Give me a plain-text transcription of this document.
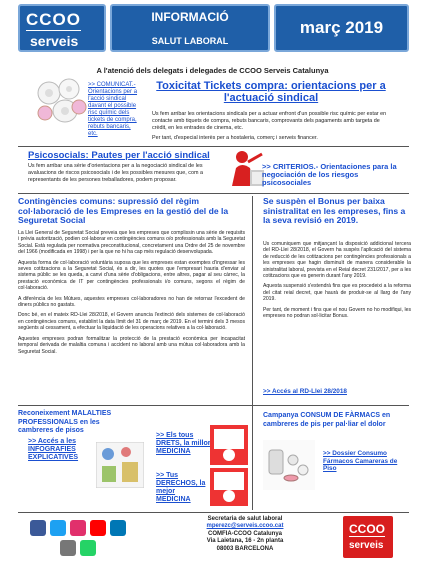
CCOO
serveis
INFORMACIÓ
SALUT LABORAL
març 2019
A l'atenció dels delegats i delegades de CCOO Serveis Catalunya
>> COMUNICAT.- Orientacions per a l'acció sindical davant el possible risc químic dels tickets de compra, rebuts bancaris, etc.
Toxicitat Tickets compra: orientacions per a l'actuació sindical

Us fem arribar les orientacions sindicals per a actuar enfront d'un possible risc químic per estar en contacte amb tiquets de compra, rebuts bancaris, comprovants dels pagaments amb targeta de crèdit, en les entrades de cinema, etc.

Per tant, d'especial interès per a hostaleria, comerç i serveis financer.

Psicosocials: Pautes per l'acció sindical
Us fem arribar una sèrie d'orientacions per a la negociació sindical de les avaluacions de riscos psicosocials i de les possibles mesures que, com a representants de les persones treballadores, podem proposar.
>> CRITERIOS.- Orientaciones para la negociación de los riesgos psicosociales
Contingències comuns: supressió del règim col·laboració de les Empreses en la gestió del de la Seguretat Social

La Llei General de Seguretat Social preveia que les empreses que complissin una sèrie de requisits i prèvia autorització, podien col·laborar en contingències comuns o/o professionals amb la Seguretat Social. Està regulada per normativa preconstitucional, concretament una Ordre del 25 de novembre del 1966 (modificada en 1998) i per la que no hi ha cap més regulació desenvolupada.

Aquesta forma de col·laboració voluntària suposa que les empreses estan exemptes d'ingressar les seves cotitzacions a la Seguretat Social, és a dir, les quotes que l'empresari hauria d'enviar al sistema públic se les queda, a canvi d'una sèrie d'obligacions, entre altres, pagar al seu càrrec, la prestació econòmica de IT per contingències professionals i/o comuns, segons el règim de col·laboració.

A diferència de les Mútues, aquestes empreses col·laboradores no han de retornar l'excedent de diners públics no gastats.

Donc bé, en el mateix RD-Llei 28/2018, el Govern anuncia l'extinció dels sistemes de col·laboració en contingències comuns, establint la data límit del 31 de març de 2019. En el termini dels 3 mesos següents al cessament, a efectuar la liquidació de les operacions relatives a la col·laboració.

Aquestes empreses podran formalitzar la protecció de la prestació econòmica per incapacitat temporal derivada de malaltia comuna i accident no laboral amb una mútua col·laboradora amb la Seguretat Social.

Se suspèn el Bonus per baixa sinistralitat en les empreses, fins a la seva revisió en 2019.

Us comuniquem que mitjançant la disposició addicional tercera del RD-Llei 28/2018, el Govern ha suspès l'aplicació del sistema de reducció de les cotitzacions per contingències professionals a les empreses que hagin disminuït de manera considerable la sinistralitat laboral, prevista en el Reial decret 231/2017, per a les cotitzacions que es generin durant l'any 2019.

Aquesta suspensió s'estendrà fins que es procedeixi a la reforma del citat reial decret, que haurà de produir-se al llarg de l'any 2019.

Per tant, de moment i fins que el nou Govern no ho modifiqui, les empreses no podran sol·licitar Bonus.

>> Accés al RD-Llei 28/2018
Reconeixement MALALTIES PROFESSIONALS en les cambreres de pisos
>> Accés a les INFOGRAFIES EXPLICATIVES
>> Els tous DRETS, la millor MEDICINA
>> Tus DERECHOS, la mejor MEDICINA
Campanya CONSUM DE FÀRMACS en cambreres de pis per pal·liar el dolor
>> Dossier Consumo Fármacos Camareras de Piso
Secretaria de salut laboral
mperezc@serveis.ccoo.cat
COMFIA-CCOO Catalunya
Via Laietana, 16 - 2n planta
08003 BARCELONA
CCOO
serveis
